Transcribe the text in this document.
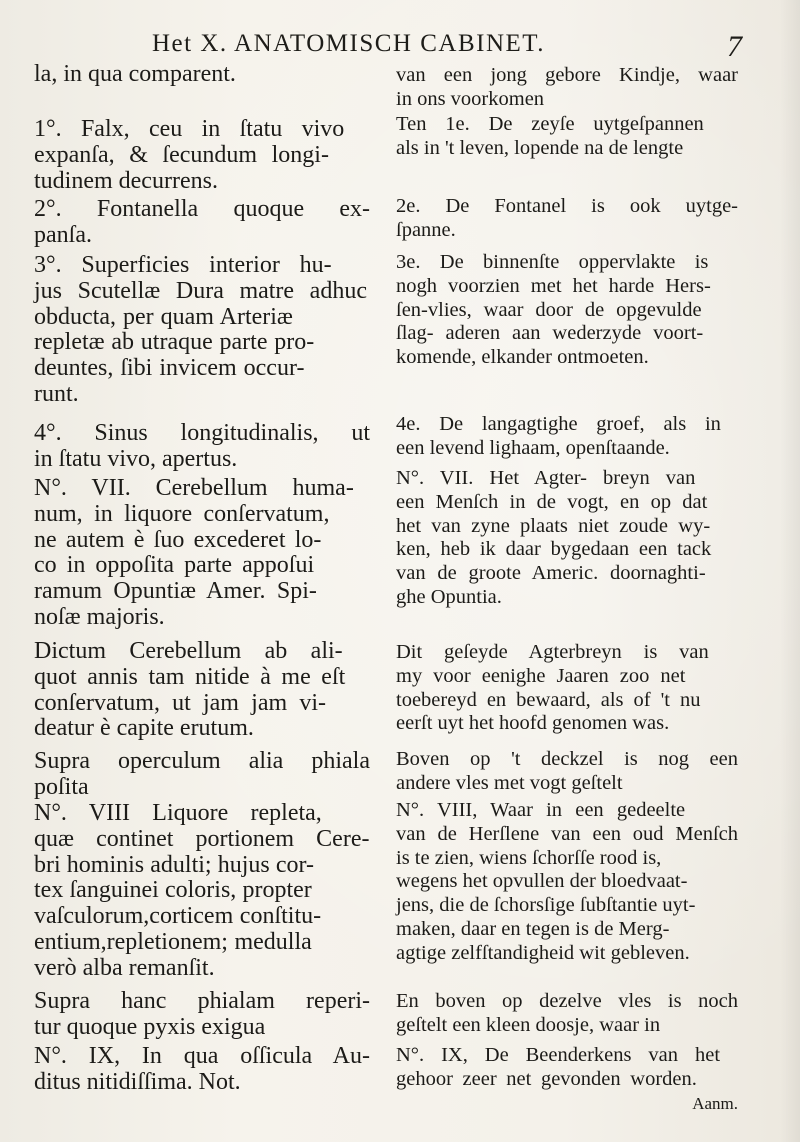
Het X. ANATOMISCH CABINET.	7
la, in qua comparent.
1°. Falx, ceu in ſtatu vivo
expanſa, & ſecundum longi-
tudinem decurrens.
2°. Fontanella quoque ex-
panſa.
3°. Superficies interior hu-
jus Scutellæ Dura matre adhuc
obducta, per quam Arteriæ
repletæ ab utraque parte pro-
deuntes, ſibi invicem occur-
runt.
4°. Sinus longitudinalis, ut
in ſtatu vivo, apertus.
N°. VII. Cerebellum huma-
num, in liquore conſervatum,
ne autem è ſuo excederet lo-
co in oppoſita parte appoſui
ramum Opuntiæ Amer. Spi-
noſæ majoris.
Dictum Cerebellum ab ali-
quot annis tam nitide à me eſt
conſervatum, ut jam jam vi-
deatur è capite erutum.
Supra operculum alia phiala
poſita
N°. VIII Liquore repleta,
quæ continet portionem Cere-
bri hominis adulti; hujus cor-
tex ſanguinei coloris, propter
vaſculorum,corticem conſtitu-
entium,repletionem; medulla
verò alba remanſit.
Supra hanc phialam reperi-
tur quoque pyxis exigua
N°. IX, In qua oſſicula Au-
ditus nitidiſſima. Not.
van een jong gebore Kindje, waar
in ons voorkomen
Ten 1e. De zeyſe uytgeſpannen
als in 't leven, lopende na de lengte
2e. De Fontanel is ook uytge-
ſpanne.
3e. De binnenſte oppervlakte is
nogh voorzien met het harde Hers-
ſen-vlies, waar door de opgevulde
ſlag- aderen aan wederzyde voort-
komende, elkander ontmoeten.
4e. De langagtighe groef, als in
een levend lighaam, openſtaande.
N°. VII. Het Agter- breyn van
een Menſch in de vogt, en op dat
het van zyne plaats niet zoude wy-
ken, heb ik daar bygedaan een tack
van de groote Americ. doornaghti-
ghe Opuntia.
Dit geſeyde Agterbreyn is van
my voor eenighe Jaaren zoo net
toebereyd en bewaard, als of 't nu
eerſt uyt het hoofd genomen was.
Boven op 't deckzel is nog een
andere vles met vogt geſtelt
N°. VIII, Waar in een gedeelte
van de Herſlene van een oud Menſch
is te zien, wiens ſchorſſe rood is,
wegens het opvullen der bloedvaat-
jens, die de ſchorsſige ſubſtantie uyt-
maken, daar en tegen is de Merg-
agtige zelfſtandigheid wit gebleven.
En boven op dezelve vles is noch
geſtelt een kleen doosje, waar in
N°. IX, De Beenderkens van het
gehoor zeer net gevonden worden.
Aanm.
